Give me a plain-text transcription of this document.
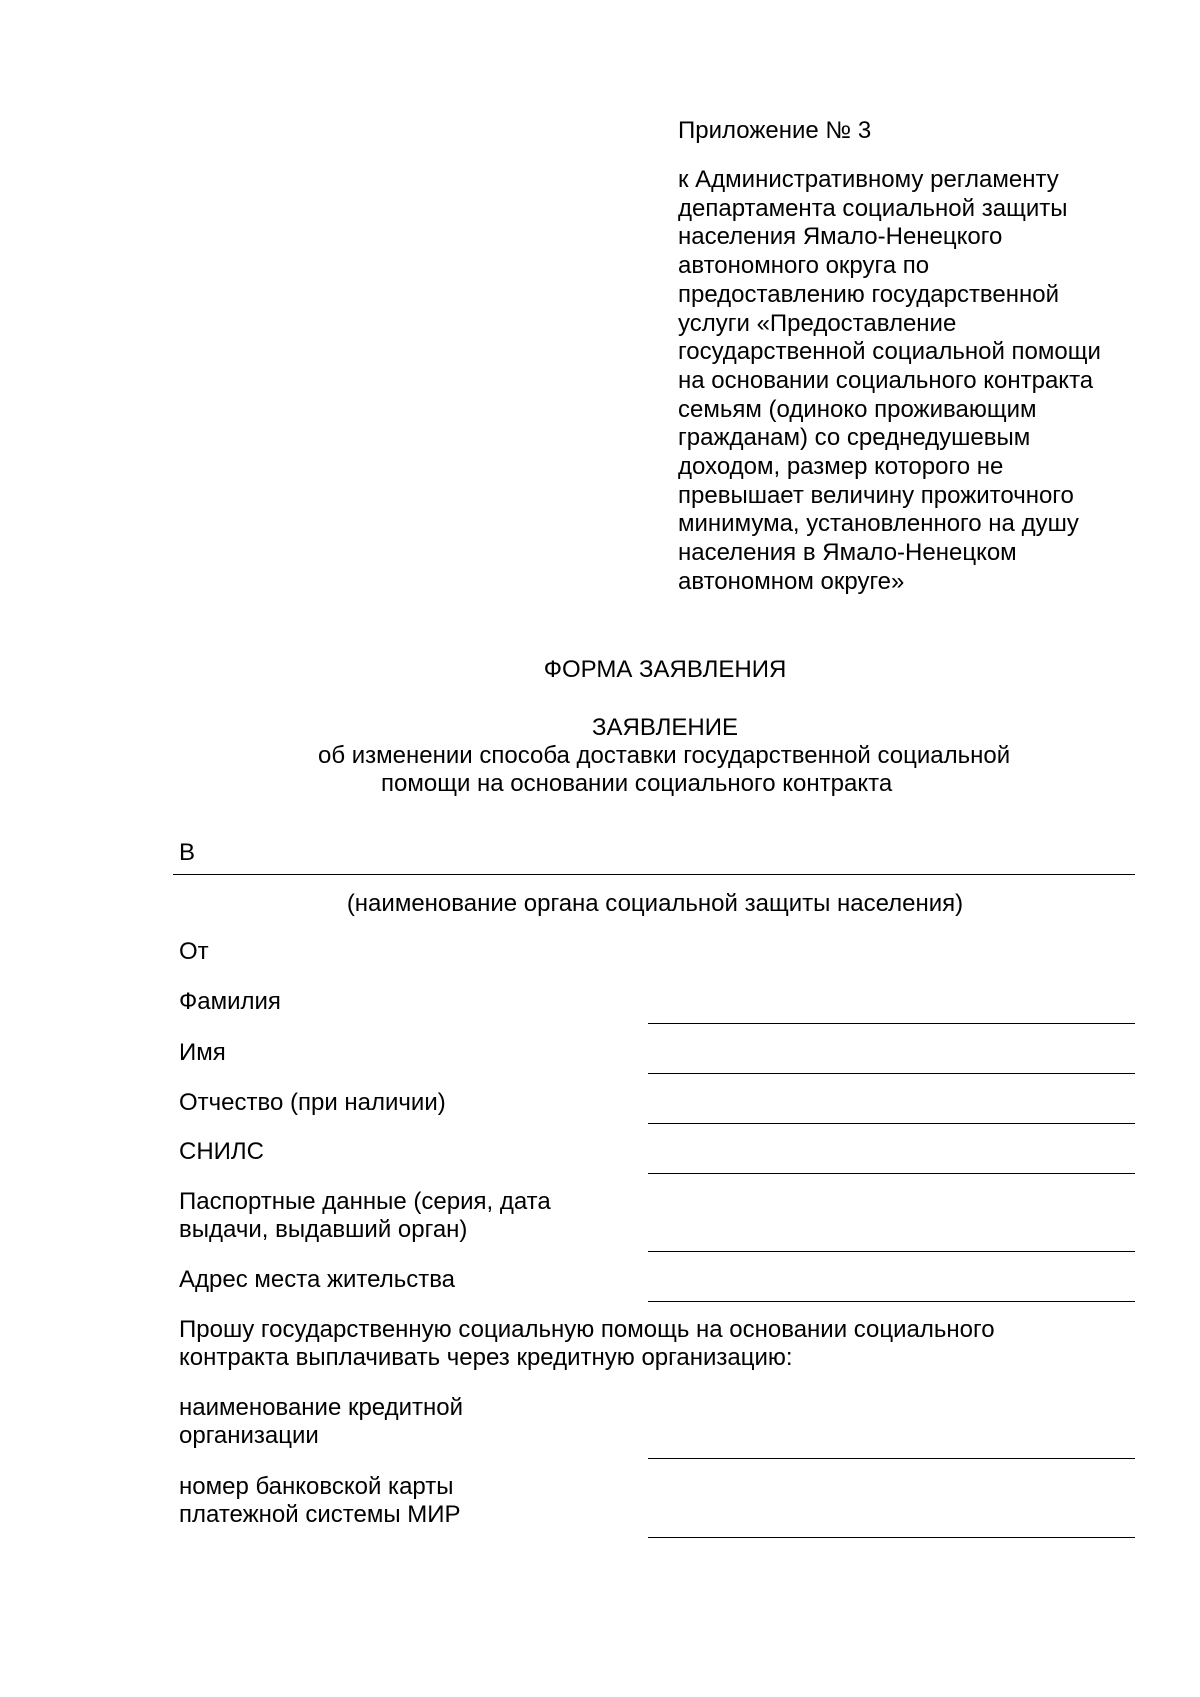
Приложение № 3
к Административному регламенту
департамента социальной защиты
населения Ямало-Ненецкого
автономного округа по
предоставлению государственной
услуги «Предоставление
государственной социальной помощи
на основании социального контракта
семьям (одиноко проживающим
гражданам) со среднедушевым
доходом, размер которого не
превышает величину прожиточного
минимума, установленного на душу
населения в Ямало-Ненецком
автономном округе»
ФОРМА ЗАЯВЛЕНИЯ
ЗАЯВЛЕНИЕ
об изменении способа доставки государственной социальной
помощи на основании социального контракта
В
(наименование органа социальной защиты населения)
От
Фамилия
Имя
Отчество (при наличии)
СНИЛС
Паспортные данные (серия, дата
выдачи, выдавший орган)
Адрес места жительства
Прошу государственную социальную помощь на основании социального
контракта выплачивать через кредитную организацию:
наименование кредитной
организации
номер банковской карты
платежной системы МИР
